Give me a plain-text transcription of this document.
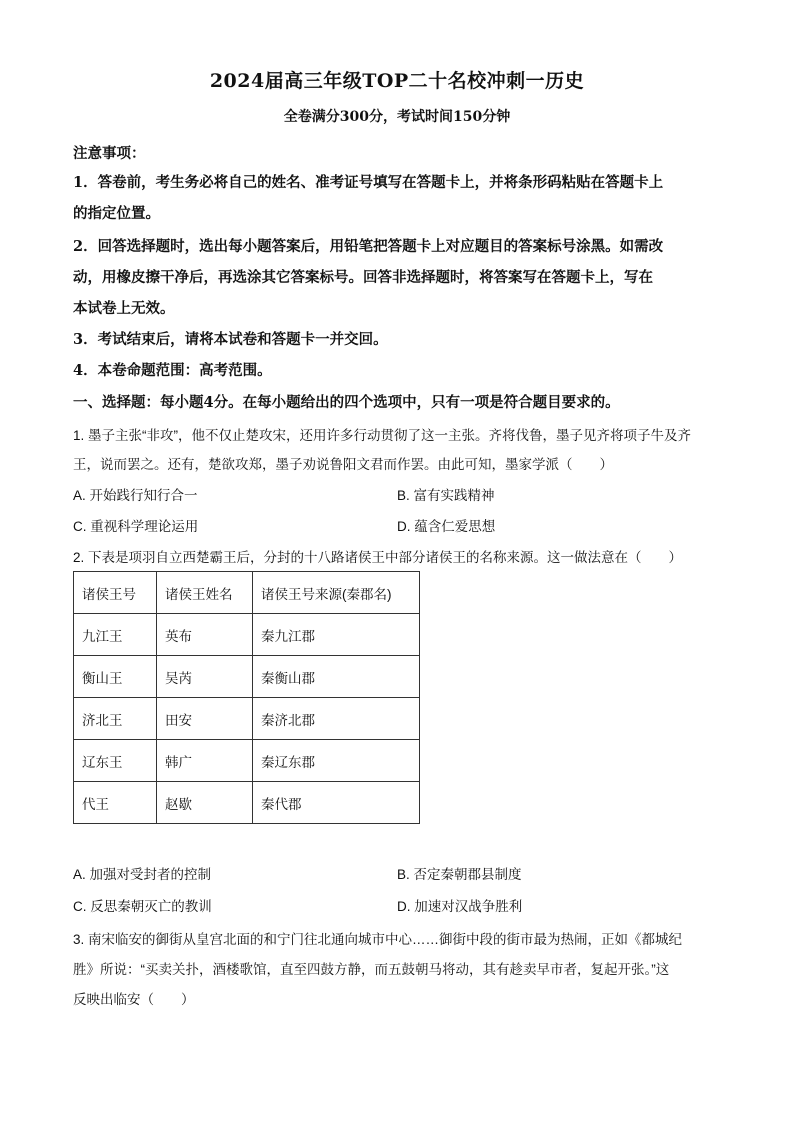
2024届高三年级TOP二十名校冲刺一历史
全卷满分300分，考试时间150分钟
注意事项：
1．答卷前，考生务必将自己的姓名、准考证号填写在答题卡上，并将条形码粘贴在答题卡上
的指定位置。
2．回答选择题时，选出每小题答案后，用铅笔把答题卡上对应题目的答案标号涂黑。如需改
动，用橡皮擦干净后，再选涂其它答案标号。回答非选择题时，将答案写在答题卡上，写在
本试卷上无效。
3．考试结束后，请将本试卷和答题卡一并交回。
4．本卷命题范围：高考范围。
一、选择题：每小题4分。在每小题给出的四个选项中，只有一项是符合题目要求的。
1. 墨子主张“非攻”，他不仅止楚攻宋，还用许多行动贯彻了这一主张。齐将伐鲁，墨子见齐将项子牛及齐
王，说而罢之。还有，楚欲攻郑，墨子劝说鲁阳文君而作罢。由此可知，墨家学派（　　）
A. 开始践行知行合一	B. 富有实践精神
C. 重视科学理论运用	D. 蕴含仁爱思想
2. 下表是项羽自立西楚霸王后，分封的十八路诸侯王中部分诸侯王的名称来源。这一做法意在（　　）
诸侯王号	诸侯王姓名	诸侯王号来源(秦郡名)
九江王	英布	秦九江郡
衡山王	吴芮	秦衡山郡
济北王	田安	秦济北郡
辽东王	韩广	秦辽东郡
代王	赵歇	秦代郡
A. 加强对受封者的控制	B. 否定秦朝郡县制度
C. 反思秦朝灭亡的教训	D. 加速对汉战争胜利
3. 南宋临安的御街从皇宫北面的和宁门往北通向城市中心……御街中段的街市最为热闹，正如《都城纪
胜》所说：“买卖关扑，酒楼歌馆，直至四鼓方静，而五鼓朝马将动，其有趁卖早市者，复起开张。”这
反映出临安（　　）
